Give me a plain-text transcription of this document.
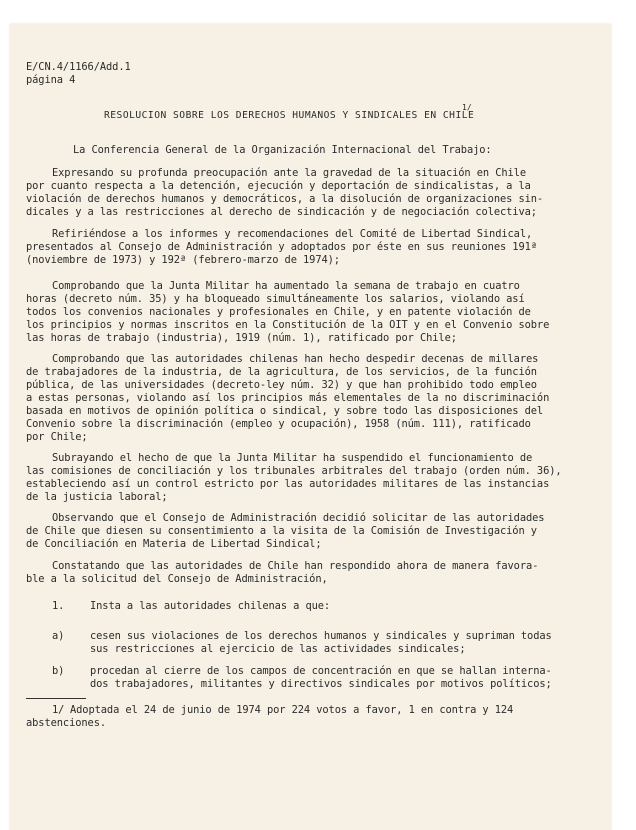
E/CN.4/1166/Add.1
página 4
RESOLUCION SOBRE LOS DERECHOS HUMANOS Y SINDICALES EN CHILE
1/
La Conferencia General de la Organización Internacional del Trabajo:
Expresando su profunda preocupación ante la gravedad de la situación en Chile
por cuanto respecta a la detención, ejecución y deportación de sindicalistas, a la
violación de derechos humanos y democráticos, a la disolución de organizaciones sin-
dicales y a las restricciones al derecho de sindicación y de negociación colectiva;
Refiriéndose a los informes y recomendaciones del Comité de Libertad Sindical,
presentados al Consejo de Administración y adoptados por éste en sus reuniones 191ª
(noviembre de 1973) y 192ª (febrero-marzo de 1974);
Comprobando que la Junta Militar ha aumentado la semana de trabajo en cuatro
horas (decreto núm. 35) y ha bloqueado simultáneamente los salarios, violando así
todos los convenios nacionales y profesionales en Chile, y en patente violación de
los principios y normas inscritos en la Constitución de la OIT y en el Convenio sobre
las horas de trabajo (industria), 1919 (núm. 1), ratificado por Chile;
Comprobando que las autoridades chilenas han hecho despedir decenas de millares
de trabajadores de la industria, de la agricultura, de los servicios, de la función
pública, de las universidades (decreto-ley núm. 32) y que han prohibido todo empleo
a estas personas, violando así los principios más elementales de la no discriminación
basada en motivos de opinión política o sindical, y sobre todo las disposiciones del
Convenio sobre la discriminación (empleo y ocupación), 1958 (núm. 111), ratificado
por Chile;
Subrayando el hecho de que la Junta Militar ha suspendido el funcionamiento de
las comisiones de conciliación y los tribunales arbitrales del trabajo (orden núm. 36),
estableciendo así un control estricto por las autoridades militares de las instancias
de la justicia laboral;
Observando que el Consejo de Administración decidió solicitar de las autoridades
de Chile que diesen su consentimiento a la visita de la Comisión de Investigación y
de Conciliación en Materia de Libertad Sindical;
Constatando que las autoridades de Chile han respondido ahora de manera favora-
ble a la solicitud del Consejo de Administración,
1. Insta a las autoridades chilenas a que:
a) cesen sus violaciones de los derechos humanos y sindicales y supriman todas
sus restricciones al ejercicio de las actividades sindicales;
b) procedan al cierre de los campos de concentración en que se hallan interna-
dos trabajadores, militantes y directivos sindicales por motivos políticos;
1/ Adoptada el 24 de junio de 1974 por 224 votos a favor, 1 en contra y 124
abstenciones.
